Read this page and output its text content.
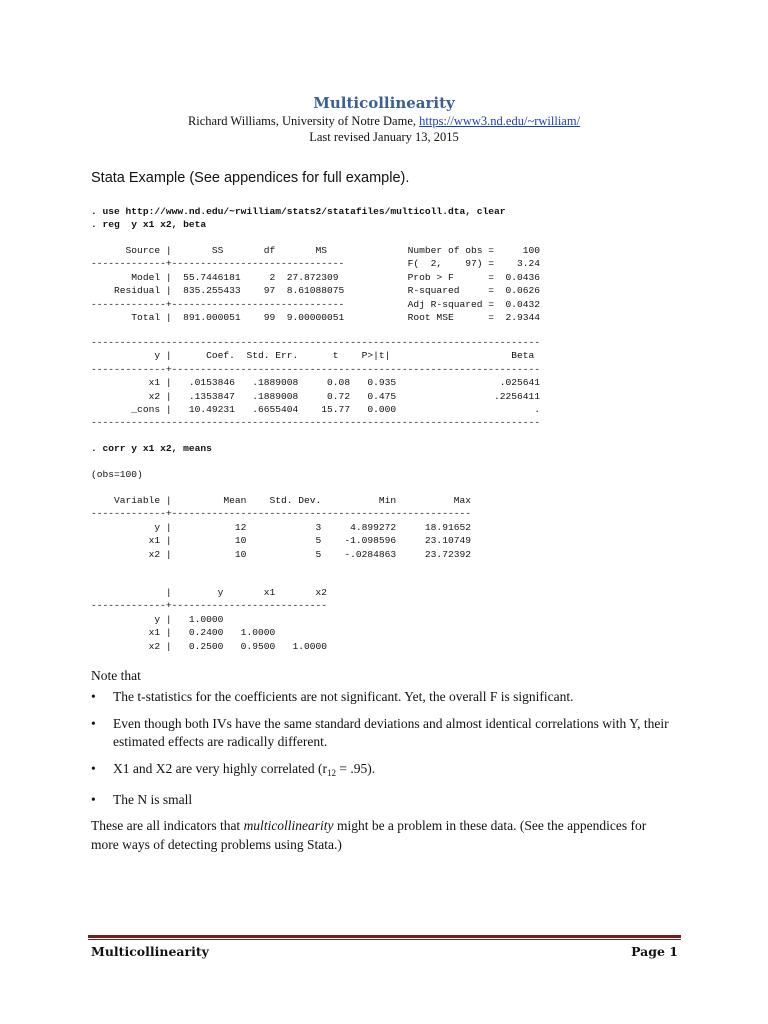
Multicollinearity
Richard Williams, University of Notre Dame, https://www3.nd.edu/~rwilliam/
Last revised January 13, 2015
Stata Example (See appendices for full example).
. use http://www.nd.edu/~rwilliam/stats2/statafiles/multicoll.dta, clear
. reg  y x1 x2, beta
Source |       SS       df       MS              Number of obs =     100
-------------+------------------------------           F(  2,    97) =    3.24
Model |  55.7446181     2  27.872309            Prob > F      =  0.0436
Residual |  835.255433    97  8.61088075           R-squared     =  0.0626
-------------+------------------------------           Adj R-squared =  0.0432
Total |  891.000051    99  9.00000051           Root MSE      =  2.9344
------------------------------------------------------------------------------
y |      Coef.  Std. Err.      t    P>|t|                     Beta
-------------+----------------------------------------------------------------
x1 |   .0153846   .1889008     0.08   0.935                  .025641
x2 |   .1353847   .1889008     0.72   0.475                 .2256411
_cons |   10.49231   .6655404    15.77   0.000                        .
------------------------------------------------------------------------------
. corr y x1 x2, means
(obs=100)
Variable |         Mean    Std. Dev.          Min          Max
-------------+----------------------------------------------------
y |           12            3     4.899272     18.91652
x1 |           10            5    -1.098596     23.10749
x2 |           10            5    -.0284863     23.72392
|        y       x1       x2
-------------+---------------------------
y |   1.0000
x1 |   0.2400   1.0000
x2 |   0.2500   0.9500   1.0000
Note that
• The t-statistics for the coefficients are not significant. Yet, the overall F is significant.
• Even though both IVs have the same standard deviations and almost identical correlations with Y, their estimated effects are radically different.
• X1 and X2 are very highly correlated $(r_{12} = .95)$.
• The N is small
These are all indicators that multicollinearity might be a problem in these data. (See the appendices for more ways of detecting problems using Stata.)
Multicollinearity	Page 1
